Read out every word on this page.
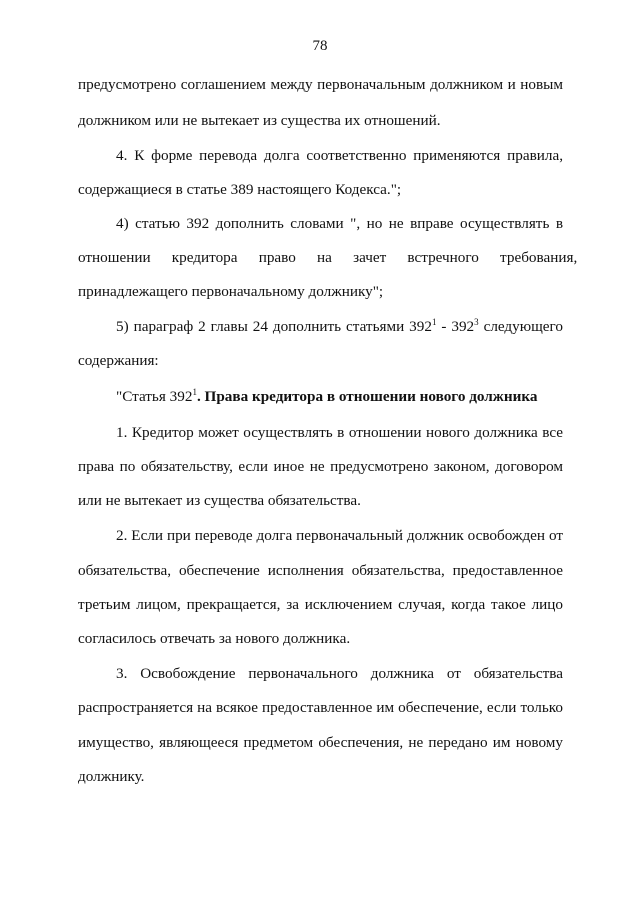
78
предусмотрено соглашением между первоначальным должником и новым
должником или не вытекает из существа их отношений.
4. К форме перевода долга соответственно применяются правила,
содержащиеся в статье 389 настоящего Кодекса.";
4) статью 392 дополнить словами ", но не вправе осуществлять в
отношении кредитора право на зачет встречного требования,
принадлежащего первоначальному должнику";
5) параграф 2 главы 24 дополнить статьями $392^1 - 392^3$ следующего
содержания:
"Статья $392^1$. Права кредитора в отношении нового должника
1. Кредитор может осуществлять в отношении нового должника все
права по обязательству, если иное не предусмотрено законом, договором
или не вытекает из существа обязательства.
2. Если при переводе долга первоначальный должник освобожден от
обязательства, обеспечение исполнения обязательства, предоставленное
третьим лицом, прекращается, за исключением случая, когда такое лицо
согласилось отвечать за нового должника.
3. Освобождение первоначального должника от обязательства
распространяется на всякое предоставленное им обеспечение, если только
имущество, являющееся предметом обеспечения, не передано им новому
должнику.
